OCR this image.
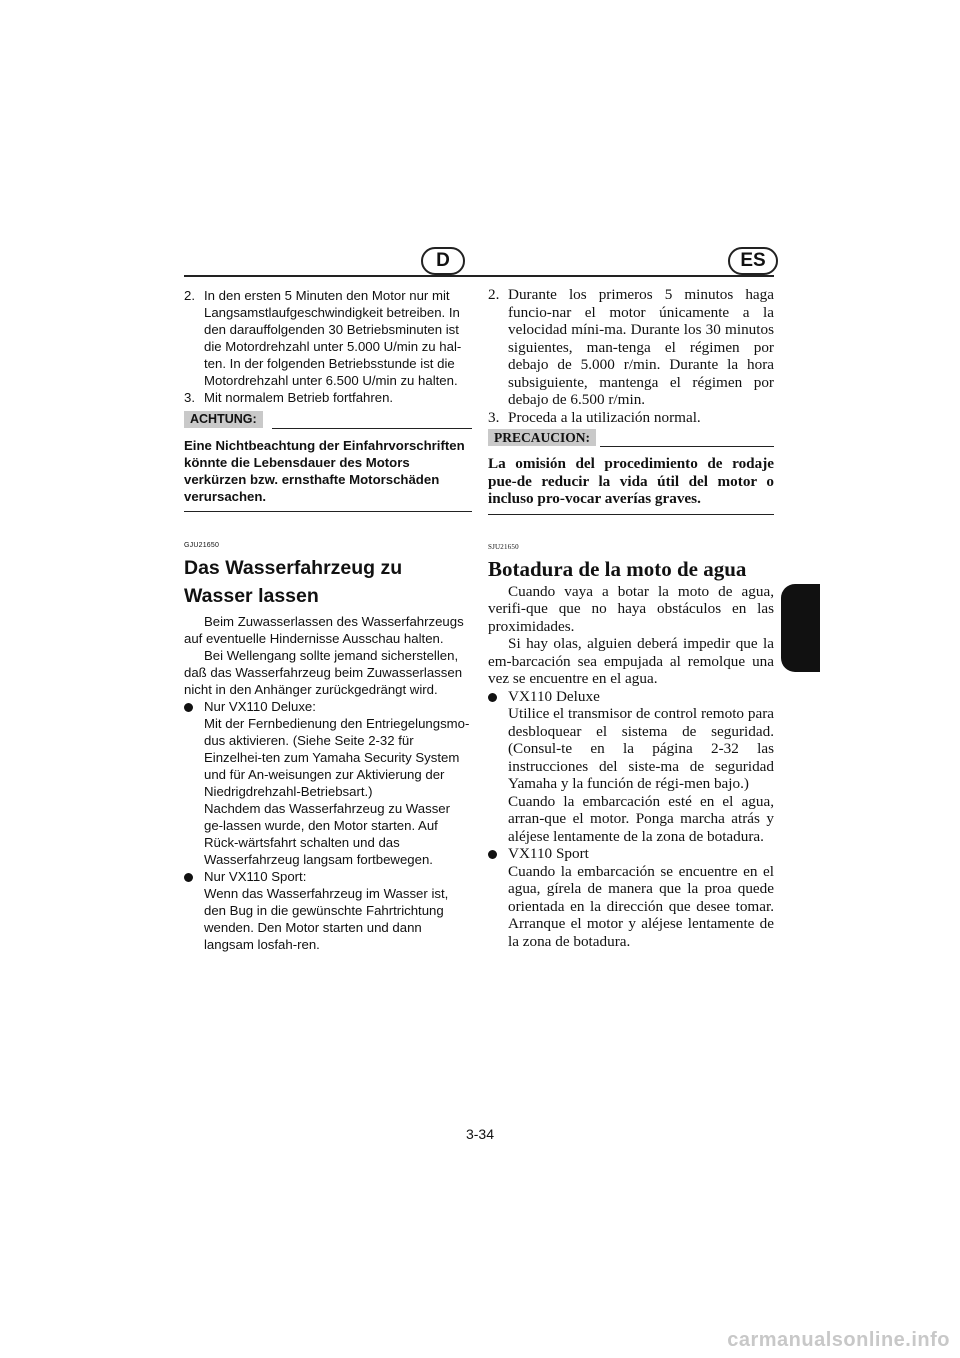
D	ES
2. In den ersten 5 Minuten den Motor nur mit Langsamstlaufgeschwindigkeit betreiben. In den darauffolgenden 30 Betriebsminuten ist die Motordrehzahl unter 5.000 U/min zu hal-ten. In der folgenden Betriebsstunde ist die Motordrehzahl unter 6.500 U/min zu halten.
3. Mit normalem Betrieb fortfahren.
ACHTUNG:
Eine Nichtbeachtung der Einfahrvorschriften könnte die Lebensdauer des Motors verkürzen bzw. ernsthafte Motorschäden verursachen.
GJU21650
Das Wasserfahrzeug zu Wasser lassen
Beim Zuwasserlassen des Wasserfahrzeugs auf eventuelle Hindernisse Ausschau halten.
Bei Wellengang sollte jemand sicherstellen, daß das Wasserfahrzeug beim Zuwasserlassen nicht in den Anhänger zurückgedrängt wird.
Nur VX110 Deluxe:
Mit der Fernbedienung den Entriegelungsmo-dus aktivieren. (Siehe Seite 2-32 für Einzelhei-ten zum Yamaha Security System und für An-weisungen zur Aktivierung der Niedrigdrehzahl-Betriebsart.)
Nachdem das Wasserfahrzeug zu Wasser ge-lassen wurde, den Motor starten. Auf Rück-wärtsfahrt schalten und das Wasserfahrzeug langsam fortbewegen.
Nur VX110 Sport:
Wenn das Wasserfahrzeug im Wasser ist, den Bug in die gewünschte Fahrtrichtung wenden. Den Motor starten und dann langsam losfah-ren.
2. Durante los primeros 5 minutos haga funcio-nar el motor únicamente a la velocidad míni-ma. Durante los 30 minutos siguientes, man-tenga el régimen por debajo de 5.000 r/min. Durante la hora subsiguiente, mantenga el régimen por debajo de 6.500 r/min.
3. Proceda a la utilización normal.
PRECAUCION:
La omisión del procedimiento de rodaje pue-de reducir la vida útil del motor o incluso pro-vocar averías graves.
SJU21650
Botadura de la moto de agua
Cuando vaya a botar la moto de agua, verifi-que que no haya obstáculos en las proximidades.
Si hay olas, alguien deberá impedir que la em-barcación sea empujada al remolque una vez se encuentre en el agua.
VX110 Deluxe
Utilice el transmisor de control remoto para desbloquear el sistema de seguridad. (Consul-te en la página 2-32 las instrucciones del siste-ma de seguridad Yamaha y la función de régi-men bajo.)
Cuando la embarcación esté en el agua, arran-que el motor. Ponga marcha atrás y aléjese lentamente de la zona de botadura.
VX110 Sport
Cuando la embarcación se encuentre en el agua, gírela de manera que la proa quede orientada en la dirección que desee tomar. Arranque el motor y aléjese lentamente de la zona de botadura.
3-34
carmanualsonline.info
